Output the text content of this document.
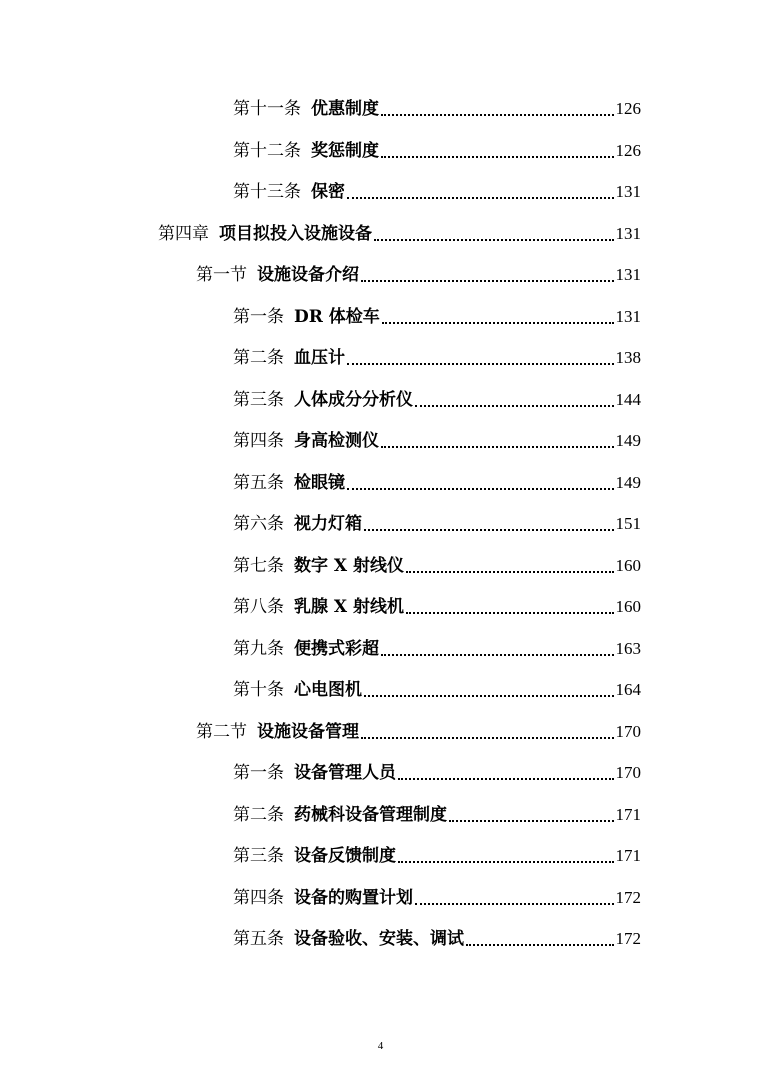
第十一条 优惠制度	126
第十二条 奖惩制度	126
第十三条 保密	131
第四章 项目拟投入设施设备	131
第一节 设施设备介绍	131
第一条 DR 体检车	131
第二条 血压计	138
第三条 人体成分分析仪	144
第四条 身高检测仪	149
第五条 检眼镜	149
第六条 视力灯箱	151
第七条 数字 X 射线仪	160
第八条 乳腺 X 射线机	160
第九条 便携式彩超	163
第十条 心电图机	164
第二节 设施设备管理	170
第一条 设备管理人员	170
第二条 药械科设备管理制度	171
第三条 设备反馈制度	171
第四条 设备的购置计划	172
第五条 设备验收、安装、调试	172
4
